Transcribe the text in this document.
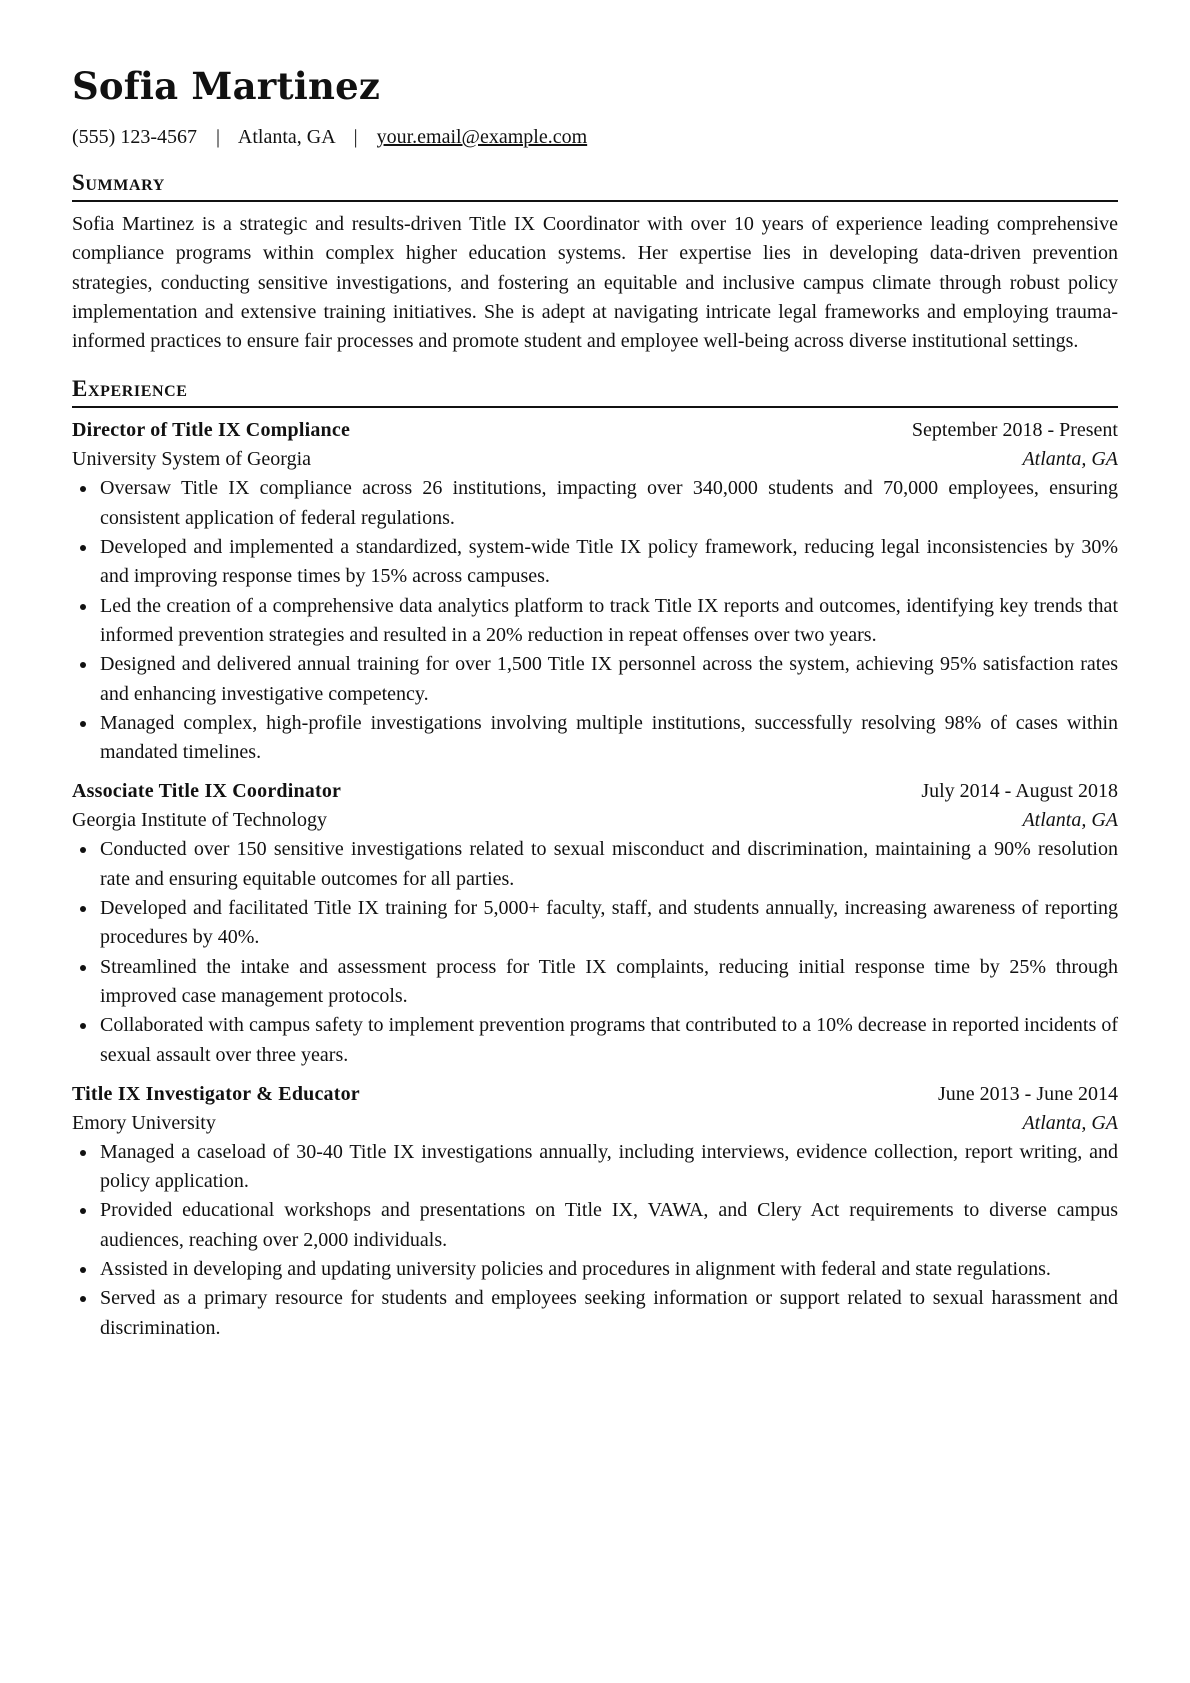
Sofia Martinez
(555) 123-4567 | Atlanta, GA | your.email@example.com
Summary

Sofia Martinez is a strategic and results-driven Title IX Coordinator with over 10 years of experience leading comprehensive compliance programs within complex higher education systems. Her expertise lies in developing data-driven prevention strategies, conducting sensitive investigations, and fostering an equitable and inclusive campus climate through robust policy implementation and extensive training initiatives. She is adept at navigating intricate legal frameworks and employing trauma-informed practices to ensure fair processes and promote student and employee well-being across diverse institutional settings.

Experience
Director of Title IX Compliance	September 2018 - Present
University System of Georgia	Atlanta, GA
Oversaw Title IX compliance across 26 institutions, impacting over 340,000 students and 70,000 employees, ensuring consistent application of federal regulations.
Developed and implemented a standardized, system-wide Title IX policy framework, reducing legal inconsistencies by 30% and improving response times by 15% across campuses.
Led the creation of a comprehensive data analytics platform to track Title IX reports and outcomes, identifying key trends that informed prevention strategies and resulted in a 20% reduction in repeat offenses over two years.
Designed and delivered annual training for over 1,500 Title IX personnel across the system, achieving 95% satisfaction rates and enhancing investigative competency.
Managed complex, high-profile investigations involving multiple institutions, successfully resolving 98% of cases within mandated timelines.
Associate Title IX Coordinator	July 2014 - August 2018
Georgia Institute of Technology	Atlanta, GA
Conducted over 150 sensitive investigations related to sexual misconduct and discrimination, maintaining a 90% resolution rate and ensuring equitable outcomes for all parties.
Developed and facilitated Title IX training for 5,000+ faculty, staff, and students annually, increasing awareness of reporting procedures by 40%.
Streamlined the intake and assessment process for Title IX complaints, reducing initial response time by 25% through improved case management protocols.
Collaborated with campus safety to implement prevention programs that contributed to a 10% decrease in reported incidents of sexual assault over three years.
Title IX Investigator & Educator	June 2013 - June 2014
Emory University	Atlanta, GA
Managed a caseload of 30-40 Title IX investigations annually, including interviews, evidence collection, report writing, and policy application.
Provided educational workshops and presentations on Title IX, VAWA, and Clery Act requirements to diverse campus audiences, reaching over 2,000 individuals.
Assisted in developing and updating university policies and procedures in alignment with federal and state regulations.
Served as a primary resource for students and employees seeking information or support related to sexual harassment and discrimination.
